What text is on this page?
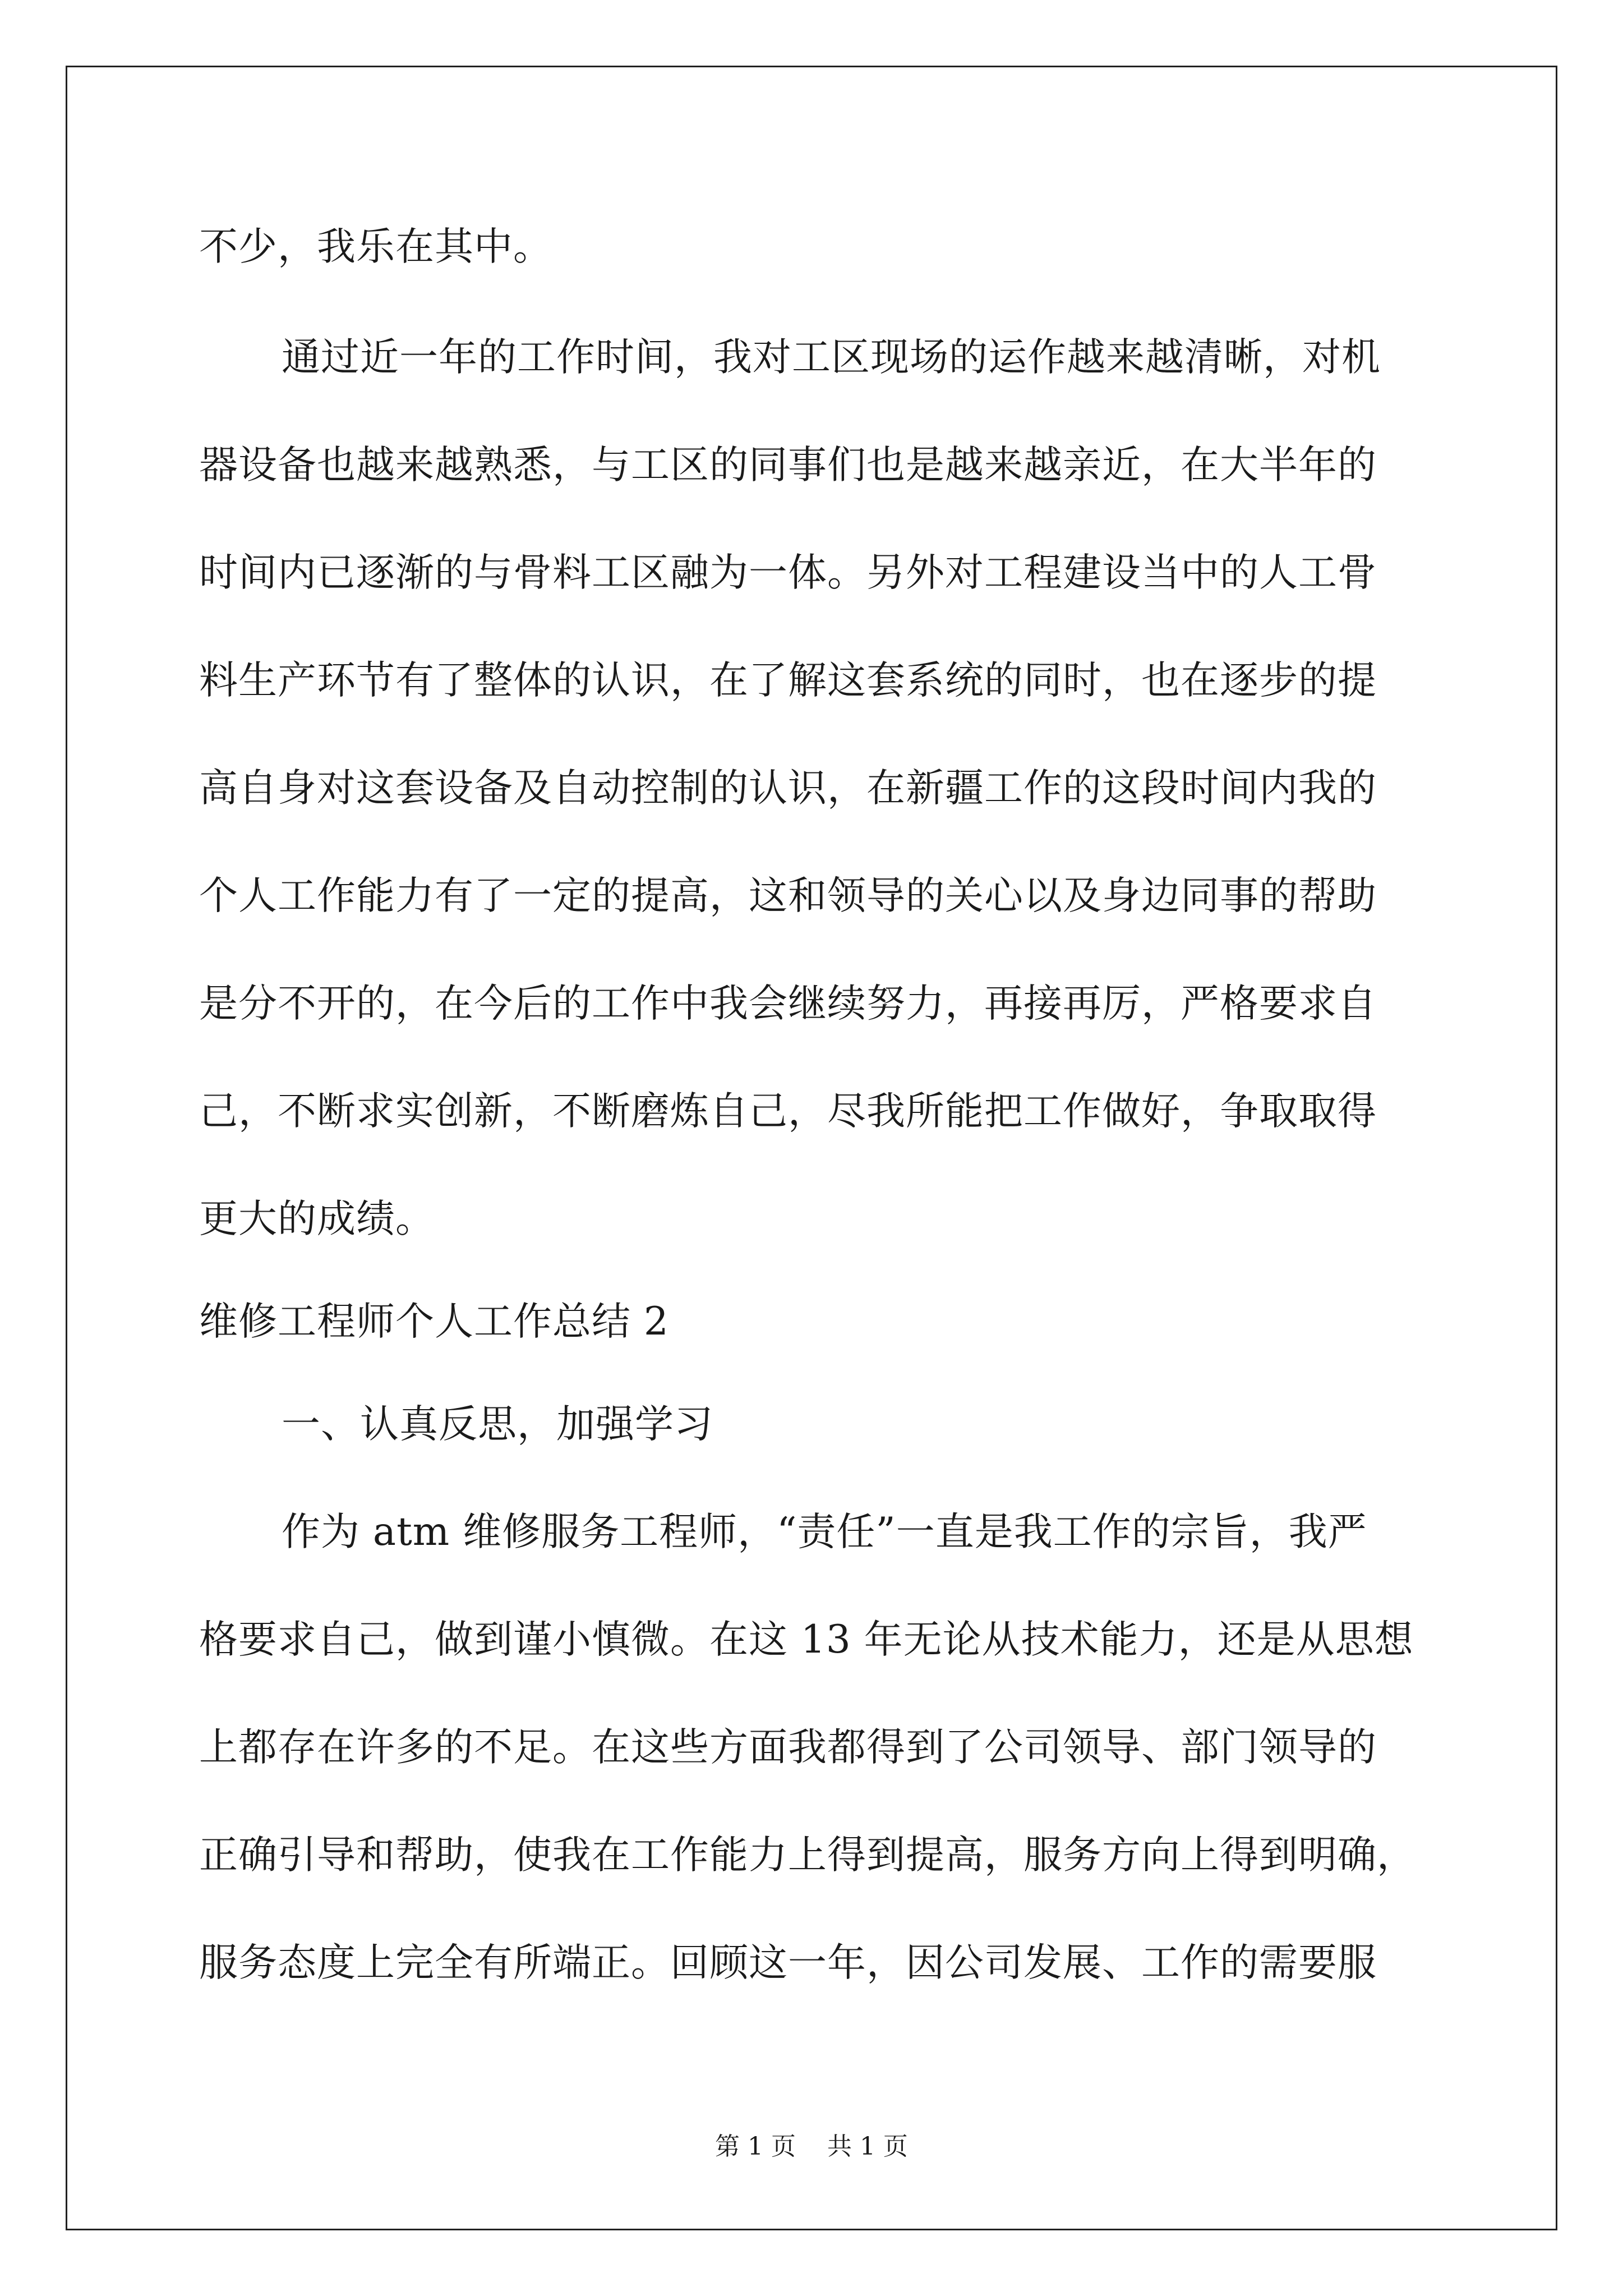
不少，我乐在其中。
通过近一年的工作时间，我对工区现场的运作越来越清晰，对机
器设备也越来越熟悉，与工区的同事们也是越来越亲近，在大半年的
时间内已逐渐的与骨料工区融为一体。另外对工程建设当中的人工骨
料生产环节有了整体的认识，在了解这套系统的同时，也在逐步的提
高自身对这套设备及自动控制的认识，在新疆工作的这段时间内我的
个人工作能力有了一定的提高，这和领导的关心以及身边同事的帮助
是分不开的，在今后的工作中我会继续努力，再接再厉，严格要求自
己，不断求实创新，不断磨炼自己，尽我所能把工作做好，争取取得
更大的成绩。
维修工程师个人工作总结 2
一、认真反思，加强学习
作为 atm 维修服务工程师，“责任”一直是我工作的宗旨，我严
格要求自己，做到谨小慎微。在这 13 年无论从技术能力，还是从思想
上都存在许多的不足。在这些方面我都得到了公司领导、部门领导的
正确引导和帮助，使我在工作能力上得到提高，服务方向上得到明确，
服务态度上完全有所端正。回顾这一年，因公司发展、工作的需要服
第 1 页    共 1 页
